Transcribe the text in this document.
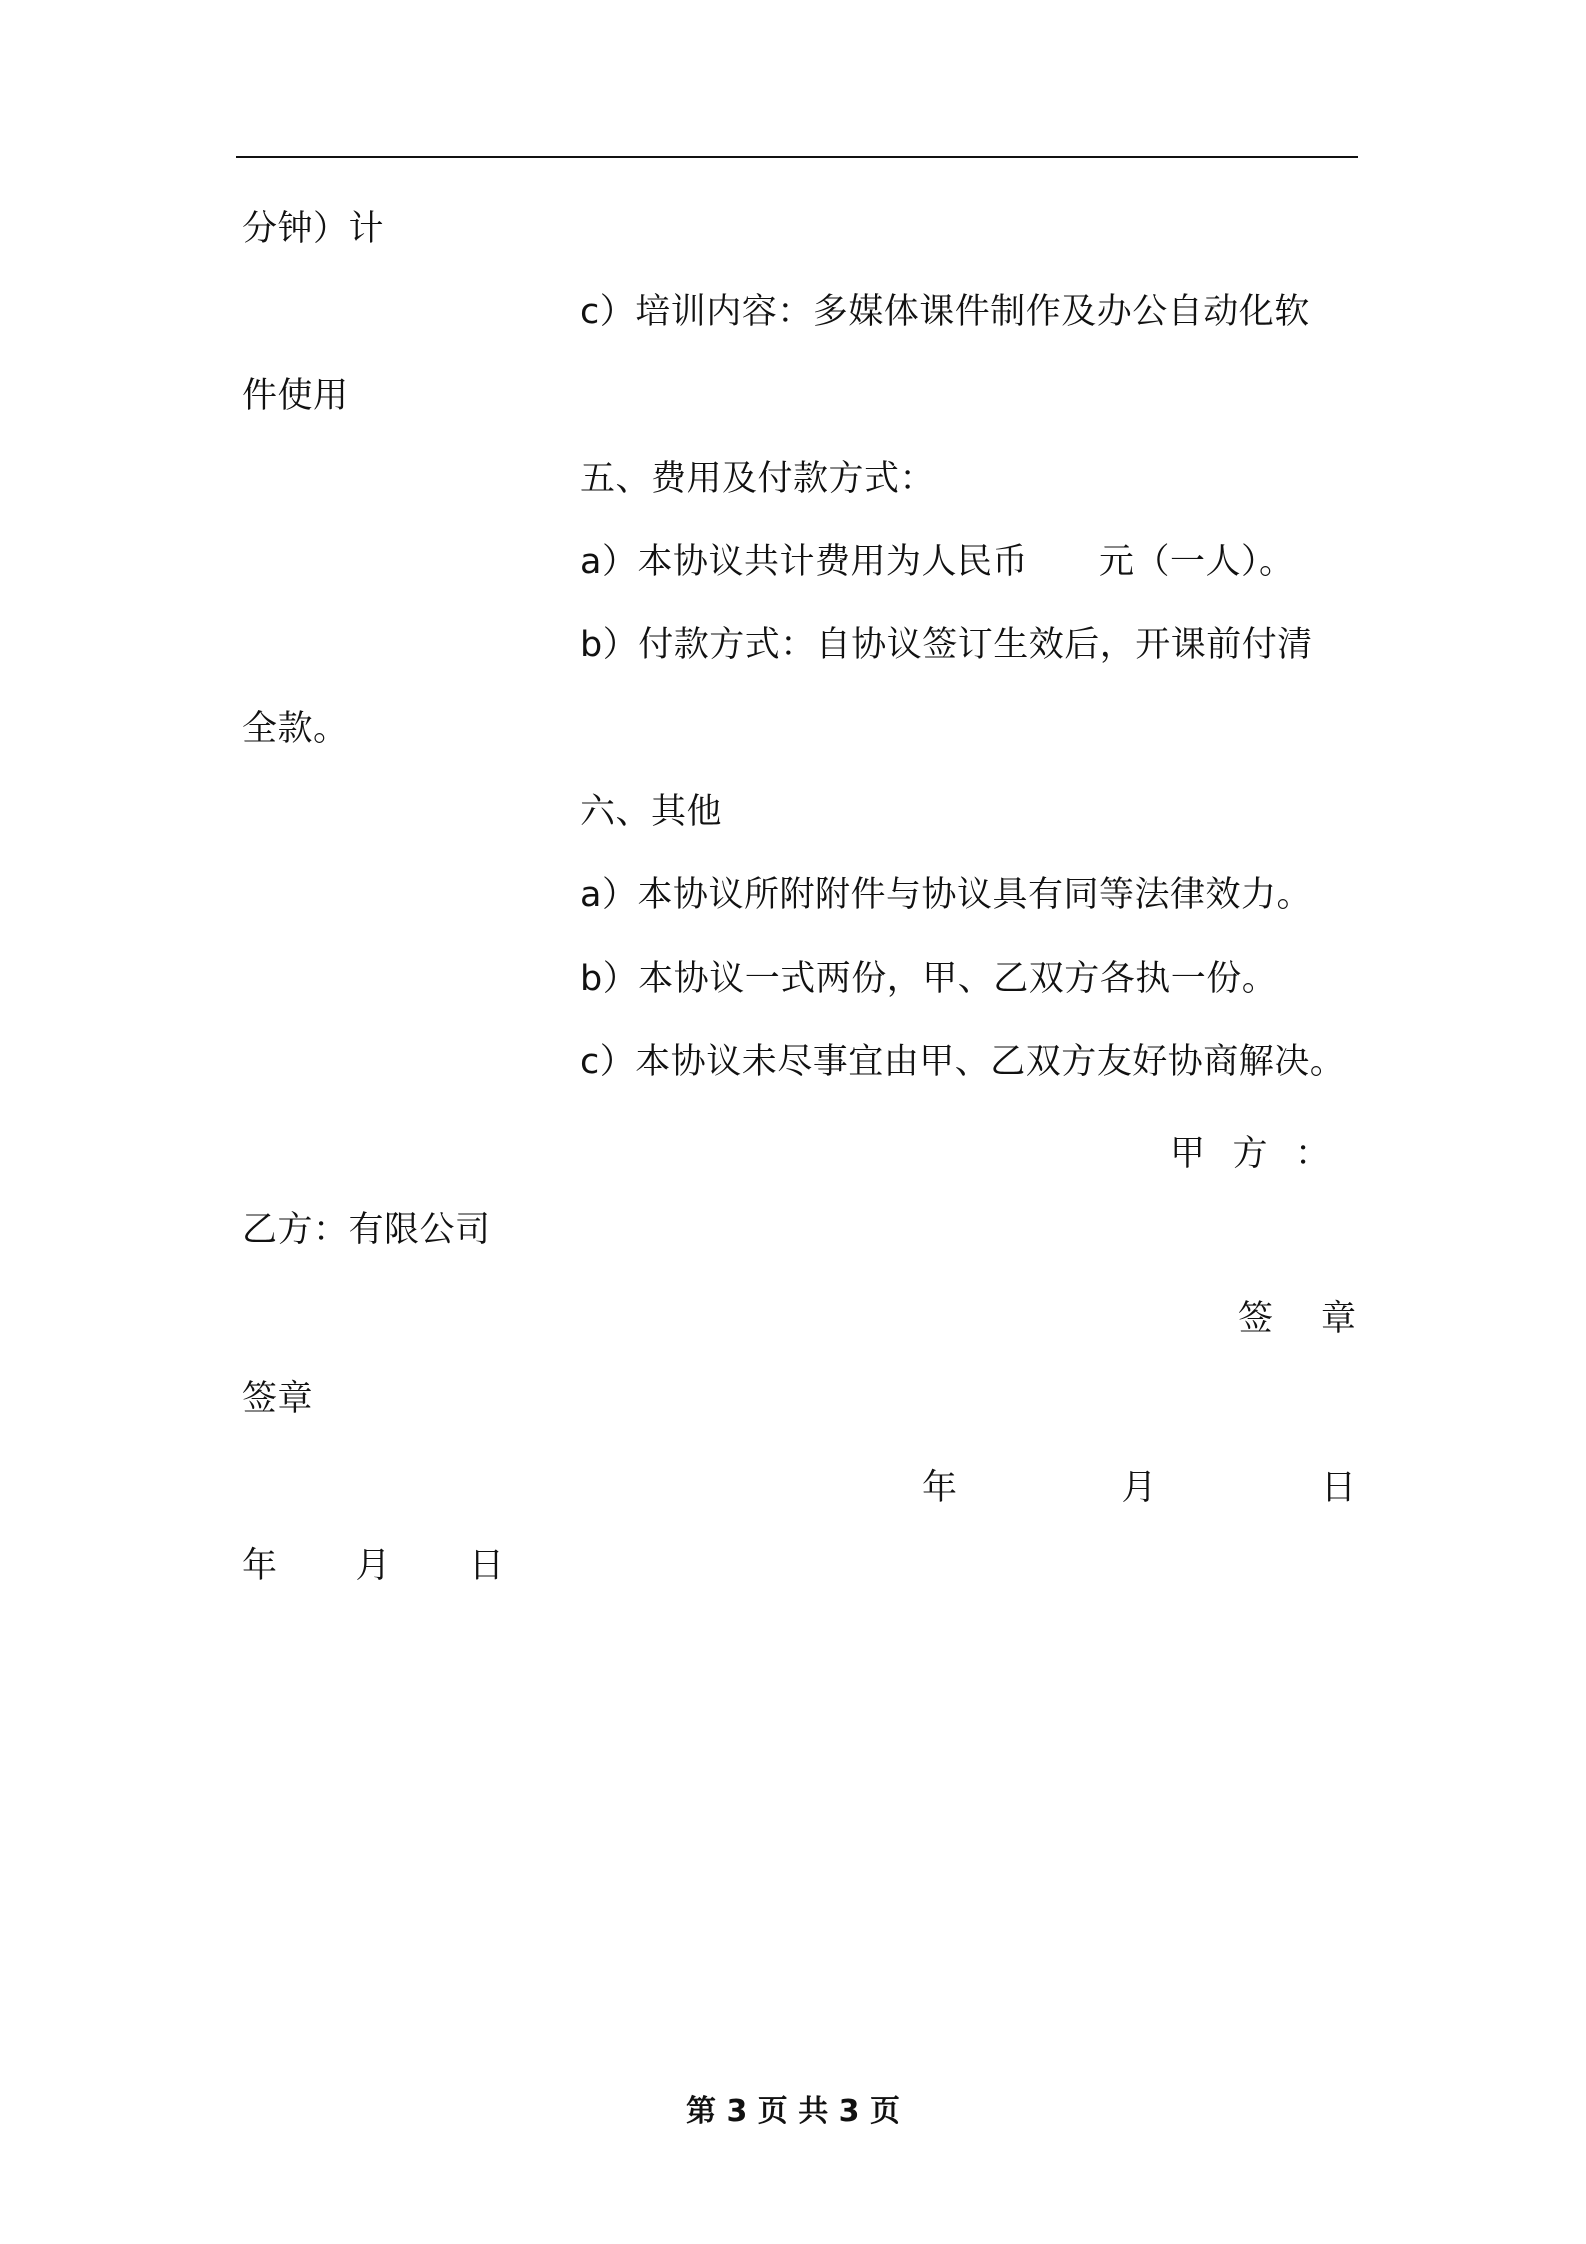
分钟）计
c）培训内容：多媒体课件制作及办公自动化软
件使用
五、费用及付款方式：
a）本协议共计费用为人民币　　元（一人）。
b）付款方式：自协议签订生效后，开课前付清
全款。
六、其他
a）本协议所附附件与协议具有同等法律效力。
b）本协议一式两份，甲、乙双方各执一份。
c）本协议未尽事宜由甲、乙双方友好协商解决。
甲 方 ：
乙方：有限公司
签 章
签章
年	月	日
年 月 日
第 3 页 共 3 页
